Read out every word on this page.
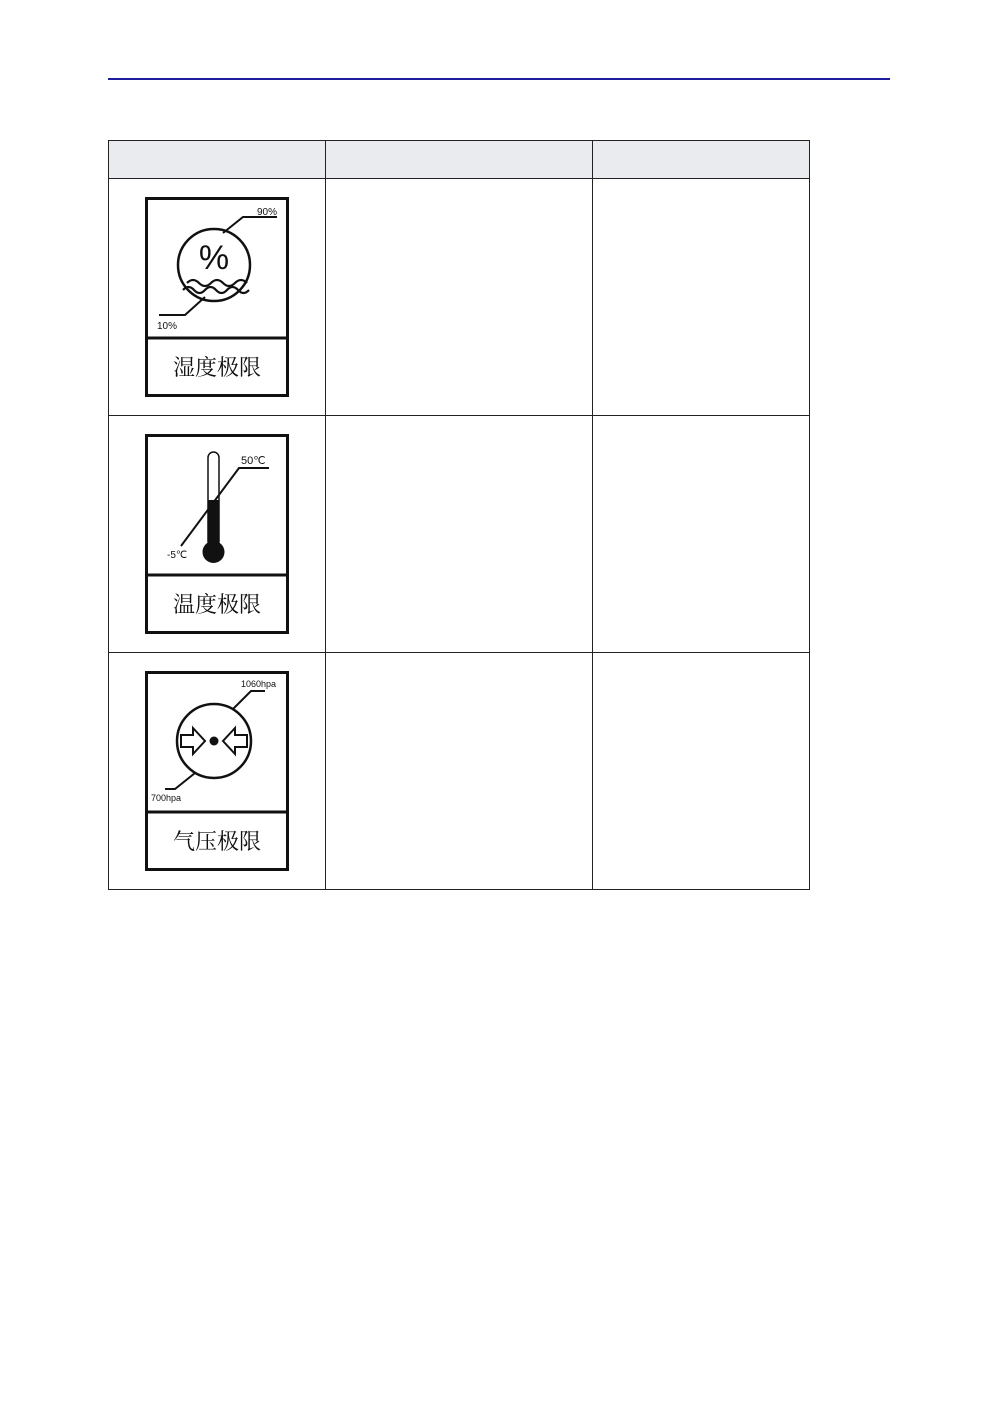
%
90%
10%
湿度极限		

50℃
-5℃
温度极限		

1060hpa
700hpa
气压极限		
